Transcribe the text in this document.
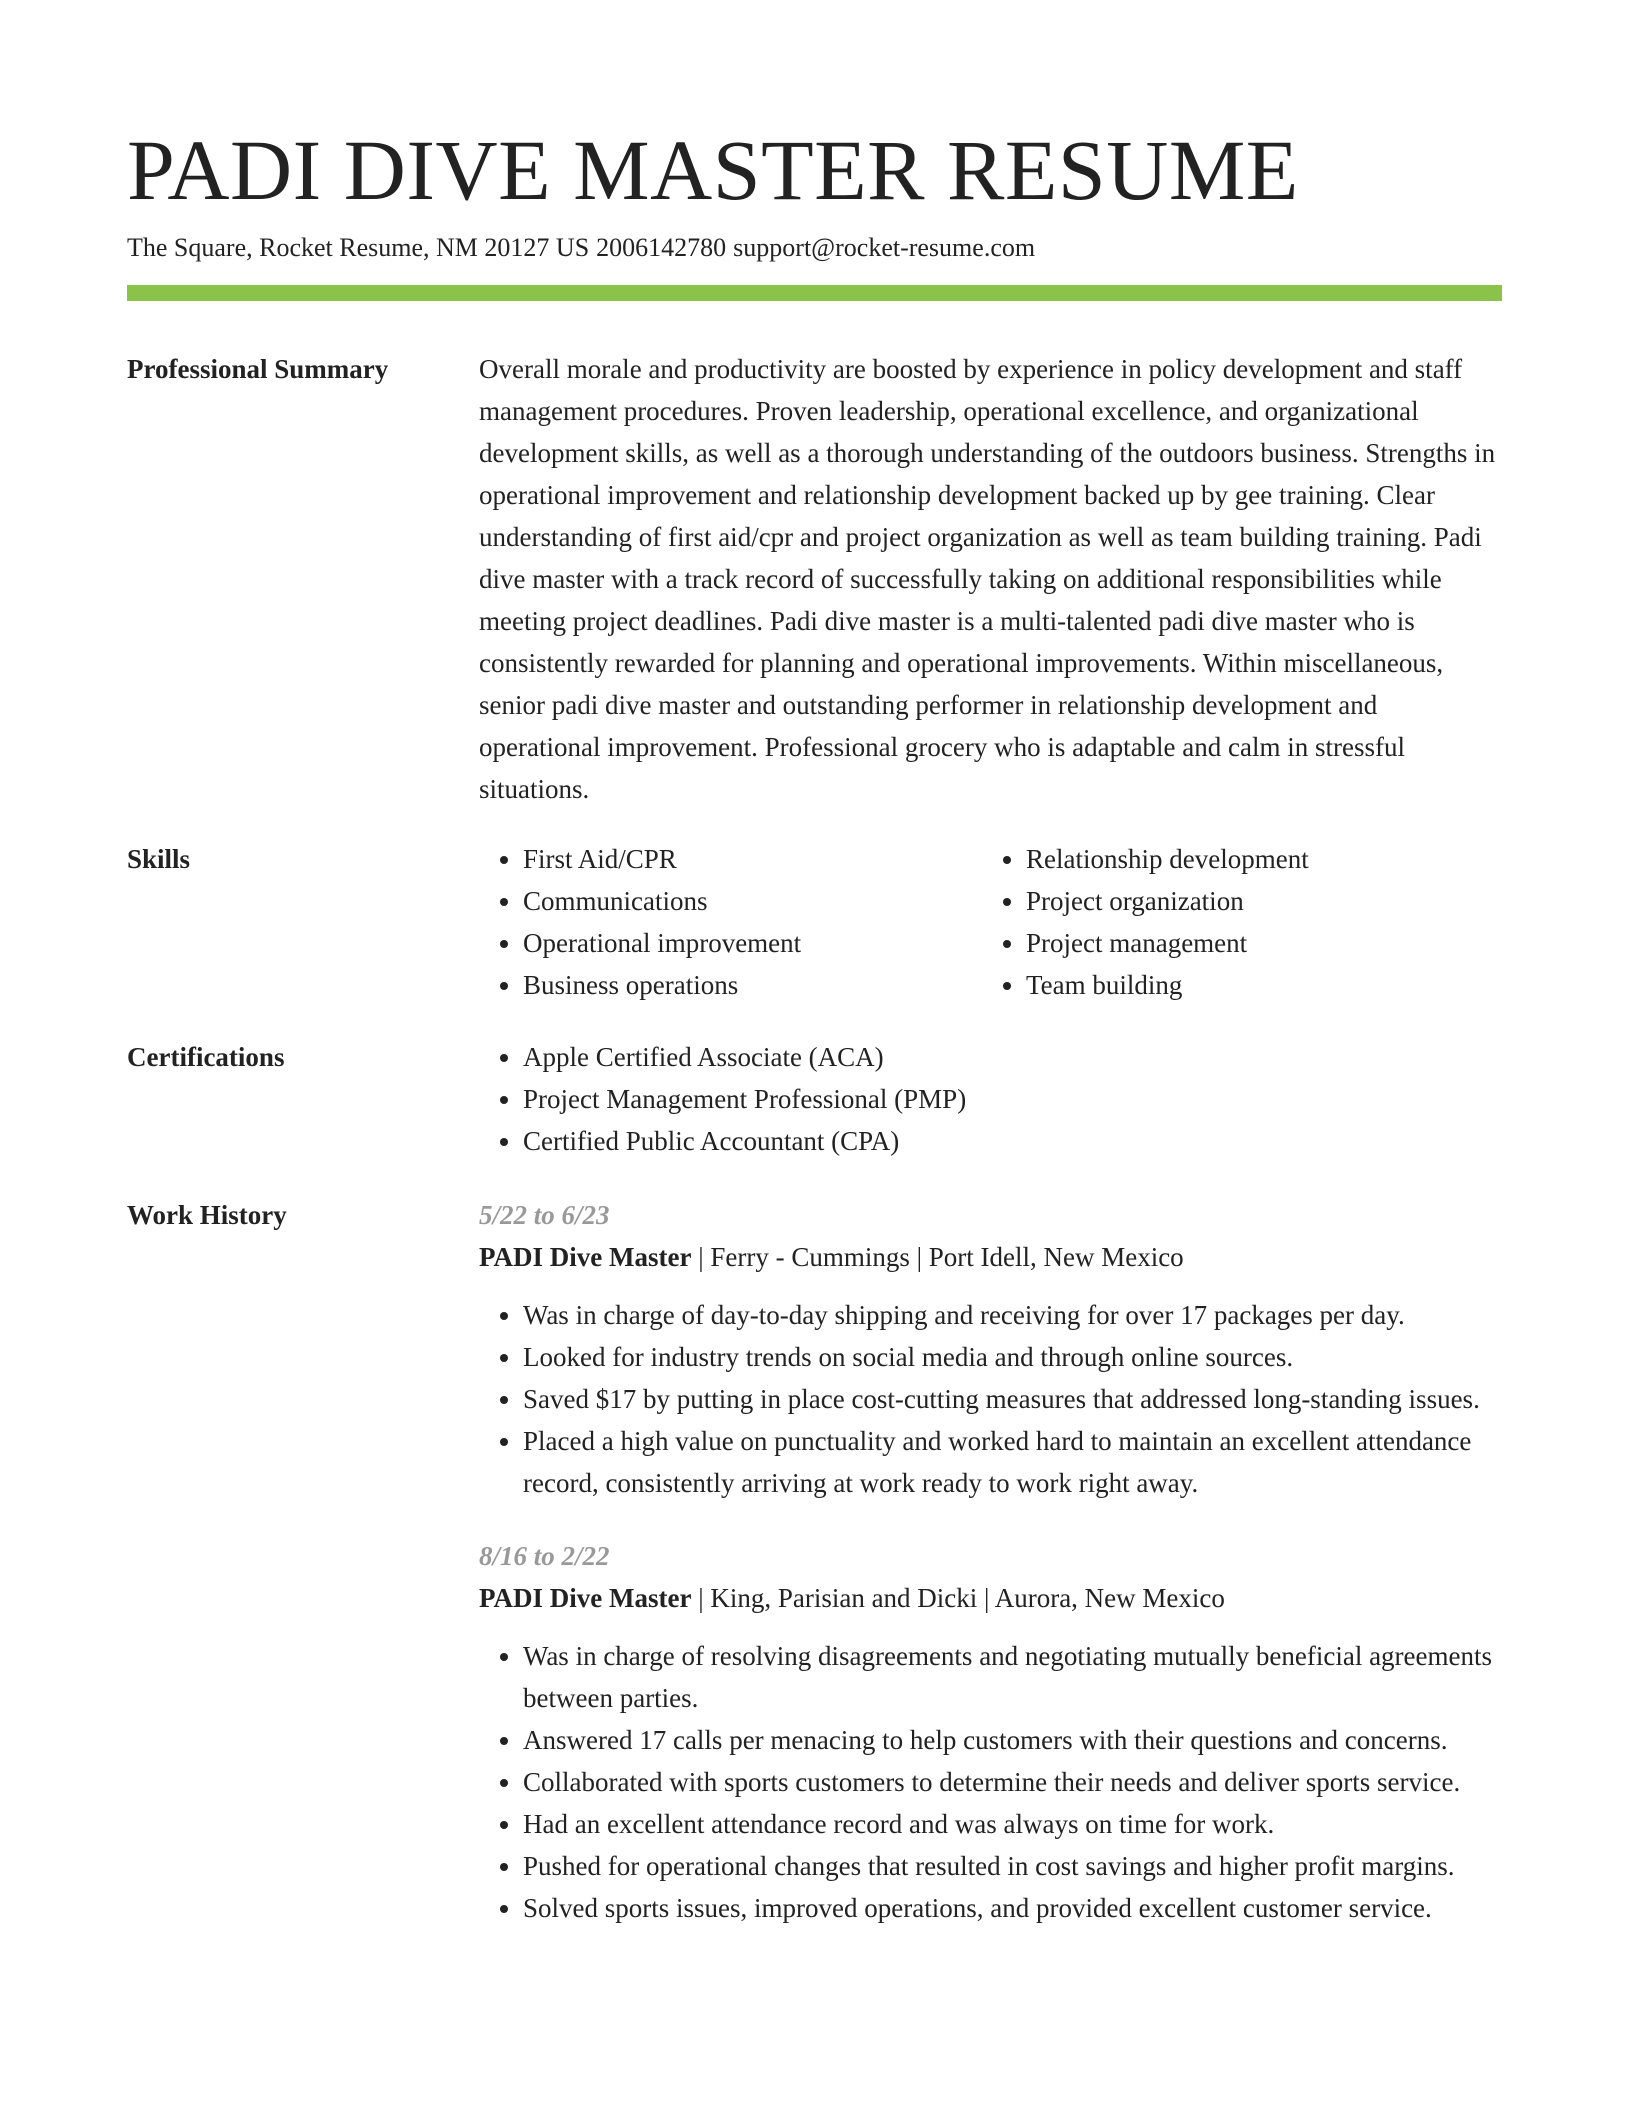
PADI DIVE MASTER RESUME
The Square, Rocket Resume, NM 20127 US 2006142780 support@rocket-resume.com
Professional Summary	Overall morale and productivity are boosted by experience in policy development and staff management procedures. Proven leadership, operational excellence, and organizational development skills, as well as a thorough understanding of the outdoors business. Strengths in operational improvement and relationship development backed up by gee training. Clear understanding of first aid/cpr and project organization as well as team building training. Padi dive master with a track record of successfully taking on additional responsibilities while meeting project deadlines. Padi dive master is a multi-talented padi dive master who is consistently rewarded for planning and operational improvements. Within miscellaneous, senior padi dive master and outstanding performer in relationship development and operational improvement. Professional grocery who is adaptable and calm in stressful situations.

Skills	• First Aid/CPR
• Communications
• Operational improvement
• Business operations
• Relationship development
• Project organization
• Project management
• Team building
Certifications	• Apple Certified Associate (ACA)
• Project Management Professional (PMP)
• Certified Public Accountant (CPA)
Work History	5/22 to 6/23
PADI Dive Master | Ferry - Cummings | Port Idell, New Mexico
• Was in charge of day-to-day shipping and receiving for over 17 packages per day.
• Looked for industry trends on social media and through online sources.
• Saved $17 by putting in place cost-cutting measures that addressed long-standing issues.
• Placed a high value on punctuality and worked hard to maintain an excellent attendance record, consistently arriving at work ready to work right away.
8/16 to 2/22
PADI Dive Master | King, Parisian and Dicki | Aurora, New Mexico
• Was in charge of resolving disagreements and negotiating mutually beneficial agreements between parties.
• Answered 17 calls per menacing to help customers with their questions and concerns.
• Collaborated with sports customers to determine their needs and deliver sports service.
• Had an excellent attendance record and was always on time for work.
• Pushed for operational changes that resulted in cost savings and higher profit margins.
• Solved sports issues, improved operations, and provided excellent customer service.
